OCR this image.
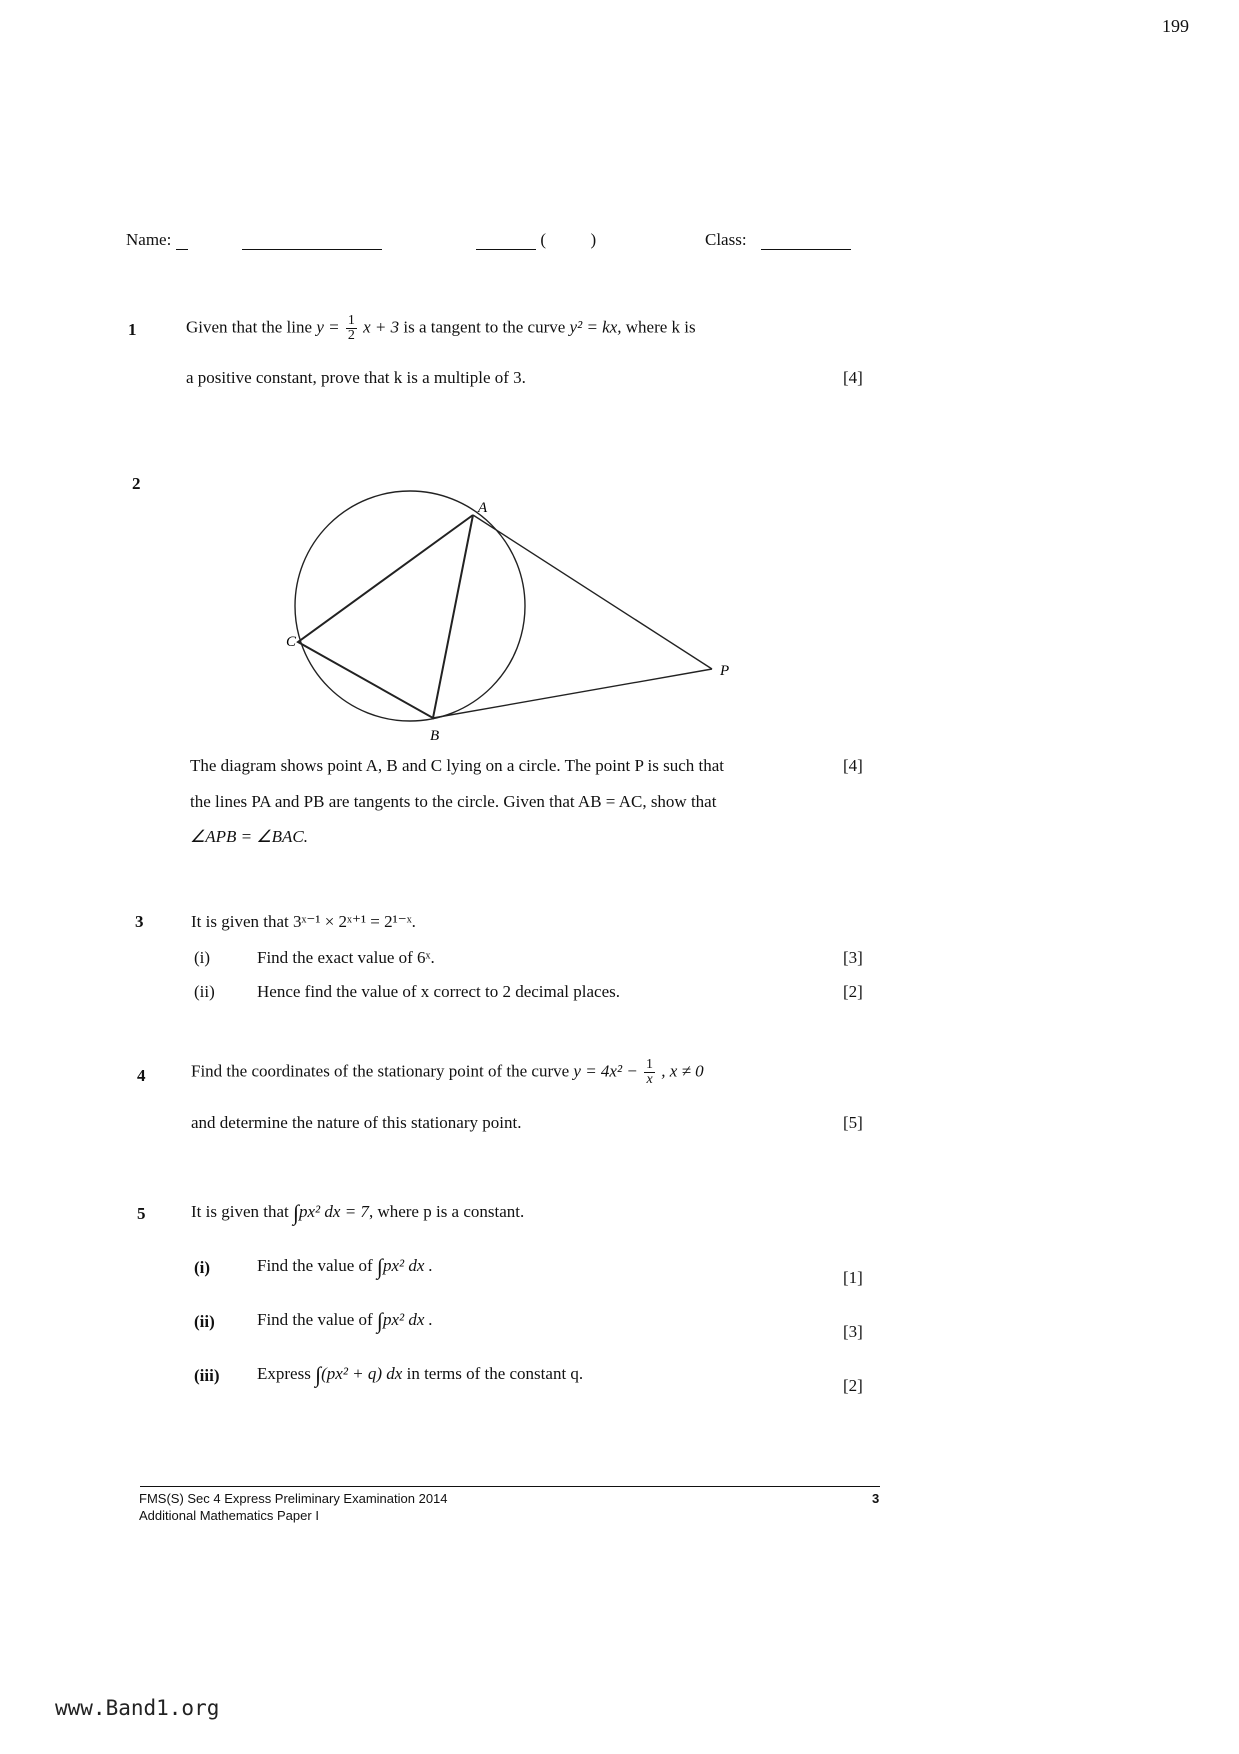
199
Name:	(	)	Class:
1	Given that the line $y = \frac{1}{2}$ x + 3 is a tangent to the curve y² = kx, where k is
a positive constant, prove that k is a multiple of 3.	[4]
2
A
C
B
P
The diagram shows point A, B and C lying on a circle. The point P is such that	[4]
the lines PA and PB are tangents to the circle. Given that AB = AC, show that
∠APB = ∠BAC.
3	It is given that 3ˣ⁻¹ × 2ˣ⁺¹ = 2¹⁻ˣ.
(i)	Find the exact value of 6ˣ.	[3]
(ii) Hence find the value of x correct to 2 decimal places.	[2]
4	Find the coordinates of the stationary point of the curve $y = 4x^2 - \frac{1}{x}$ , x ≠ 0
and determine the nature of this stationary point.	[5]
5	It is given that ∫px² dx = 7, where p is a constant.
(i)	Find the value of ∫px² dx .
[1]
(ii) Find the value of ∫px² dx .
[3]
(iii) Express ∫(px² + q) dx in terms of the constant q.
[2]
FMS(S) Sec 4 Express Preliminary Examination 2014
Additional Mathematics Paper I
3
www.Band1.org
